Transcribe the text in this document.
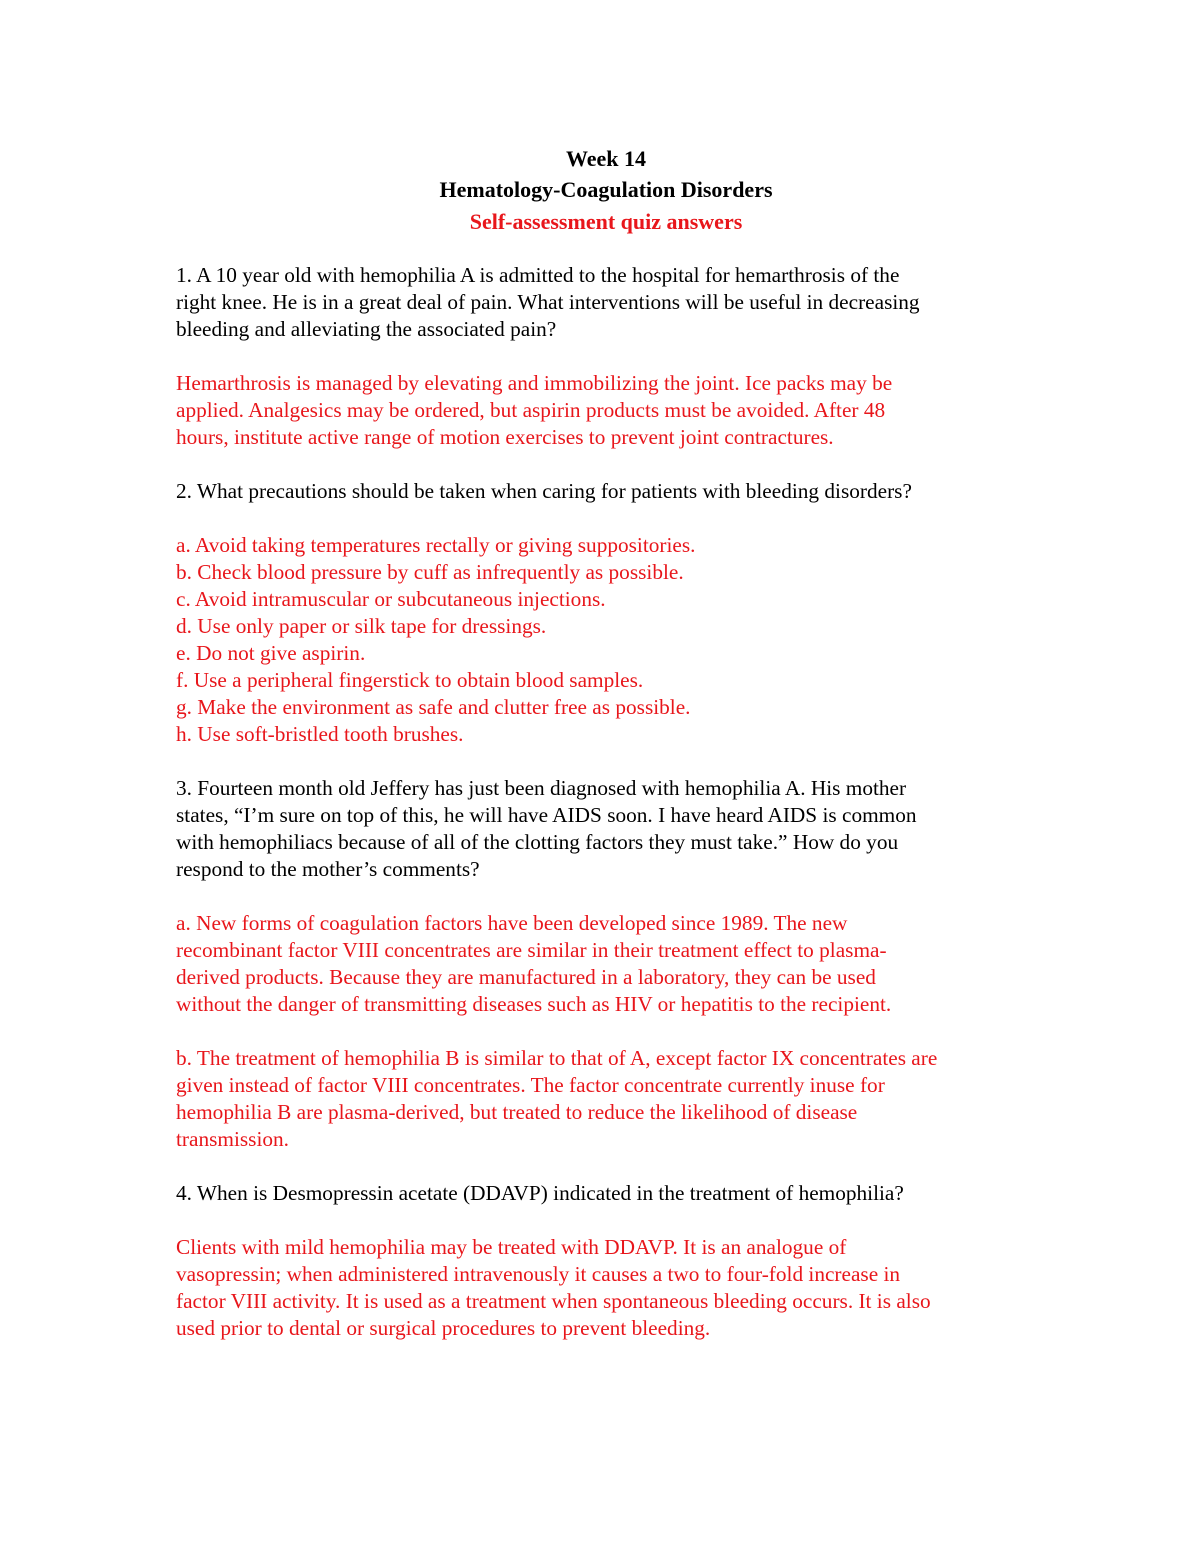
Week 14

Hematology-Coagulation Disorders

Self-assessment quiz answers

1. A 10 year old with hemophilia A is admitted to the hospital for hemarthrosis of the
right knee. He is in a great deal of pain. What interventions will be useful in decreasing
bleeding and alleviating the associated pain?

Hemarthrosis is managed by elevating and immobilizing the joint. Ice packs may be
applied. Analgesics may be ordered, but aspirin products must be avoided. After 48
hours, institute active range of motion exercises to prevent joint contractures.

2. What precautions should be taken when caring for patients with bleeding disorders?

a. Avoid taking temperatures rectally or giving suppositories.
b. Check blood pressure by cuff as infrequently as possible.
c. Avoid intramuscular or subcutaneous injections.
d. Use only paper or silk tape for dressings.
e. Do not give aspirin.
f. Use a peripheral fingerstick to obtain blood samples.
g. Make the environment as safe and clutter free as possible.
h. Use soft-bristled tooth brushes.

3. Fourteen month old Jeffery has just been diagnosed with hemophilia A. His mother
states, “I’m sure on top of this, he will have AIDS soon. I have heard AIDS is common
with hemophiliacs because of all of the clotting factors they must take.” How do you
respond to the mother’s comments?

a. New forms of coagulation factors have been developed since 1989. The new
recombinant factor VIII concentrates are similar in their treatment effect to plasma-
derived products. Because they are manufactured in a laboratory, they can be used
without the danger of transmitting diseases such as HIV or hepatitis to the recipient.

b. The treatment of hemophilia B is similar to that of A, except factor IX concentrates are
given instead of factor VIII concentrates. The factor concentrate currently inuse for
hemophilia B are plasma-derived, but treated to reduce the likelihood of disease
transmission.

4. When is Desmopressin acetate (DDAVP) indicated in the treatment of hemophilia?

Clients with mild hemophilia may be treated with DDAVP. It is an analogue of
vasopressin; when administered intravenously it causes a two to four-fold increase in
factor VIII activity. It is used as a treatment when spontaneous bleeding occurs. It is also
used prior to dental or surgical procedures to prevent bleeding.
